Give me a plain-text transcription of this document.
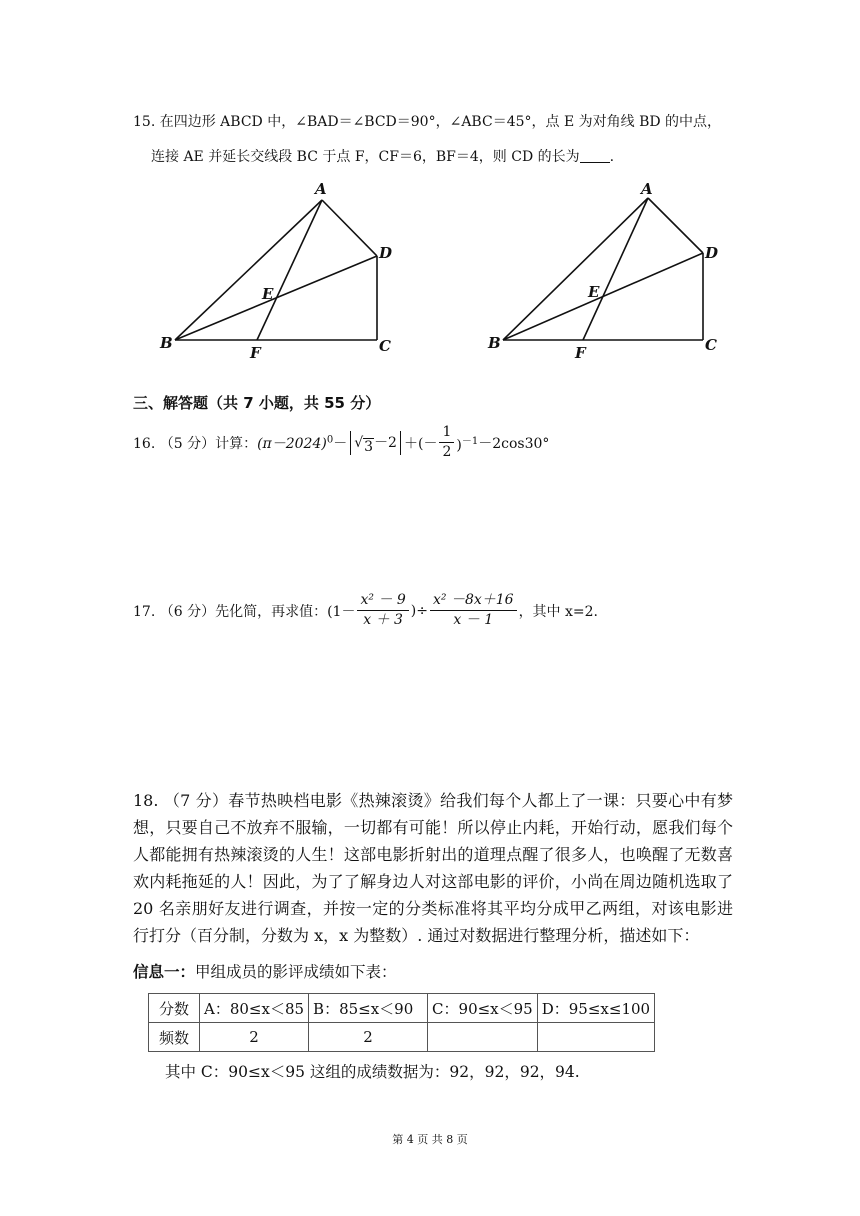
15. 在四边形 ABCD 中，∠BAD＝∠BCD＝90°，∠ABC＝45°，点 E 为对角线 BD 的中点，
连接 AE 并延长交线段 BC 于点 F，CF＝6，BF＝4，则 CD 的长为 .
A
B	C
D
E
F
A
B	C
D
E
F
三、解答题（共 7 小题，共 55 分）
16. （5 分）计算： $(\pi-2024)^0$ － √ 3 －2 ＋(－ $\frac{1}{2} )^{-1} -2\cos 30^\circ$
17. （6 分）先化简，再求值： ($1- \frac{\text{x² － 9}}{x + 3}$ )÷ $\frac{\text{x² －8x＋16}}{x - 1}$ ，其中 x=2.
18. （7 分）春节热映档电影《热辣滚烫》给我们每个人都上了一课：只要心中有梦想，只要自己不放弃不服输，一切都有可能！所以停止内耗，开始行动，愿我们每个人都能拥有热辣滚烫的人生！这部电影折射出的道理点醒了很多人，也唤醒了无数喜欢内耗拖延的人！因此，为了了解身边人对这部电影的评价，小尚在周边随机选取了 20 名亲朋好友进行调查，并按一定的分类标准将其平均分成甲乙两组，对该电影进行打分（百分制，分数为 x，x 为整数）. 通过对数据进行整理分析，描述如下：
信息一：甲组成员的影评成绩如下表：
分数	A：80≤x＜85	B：85≤x＜90	C：90≤x＜95	D：95≤x≤100
频数	2	2		
其中 C：90≤x＜95 这组的成绩数据为：92，92，92，94.
第 4 页 共 8 页
